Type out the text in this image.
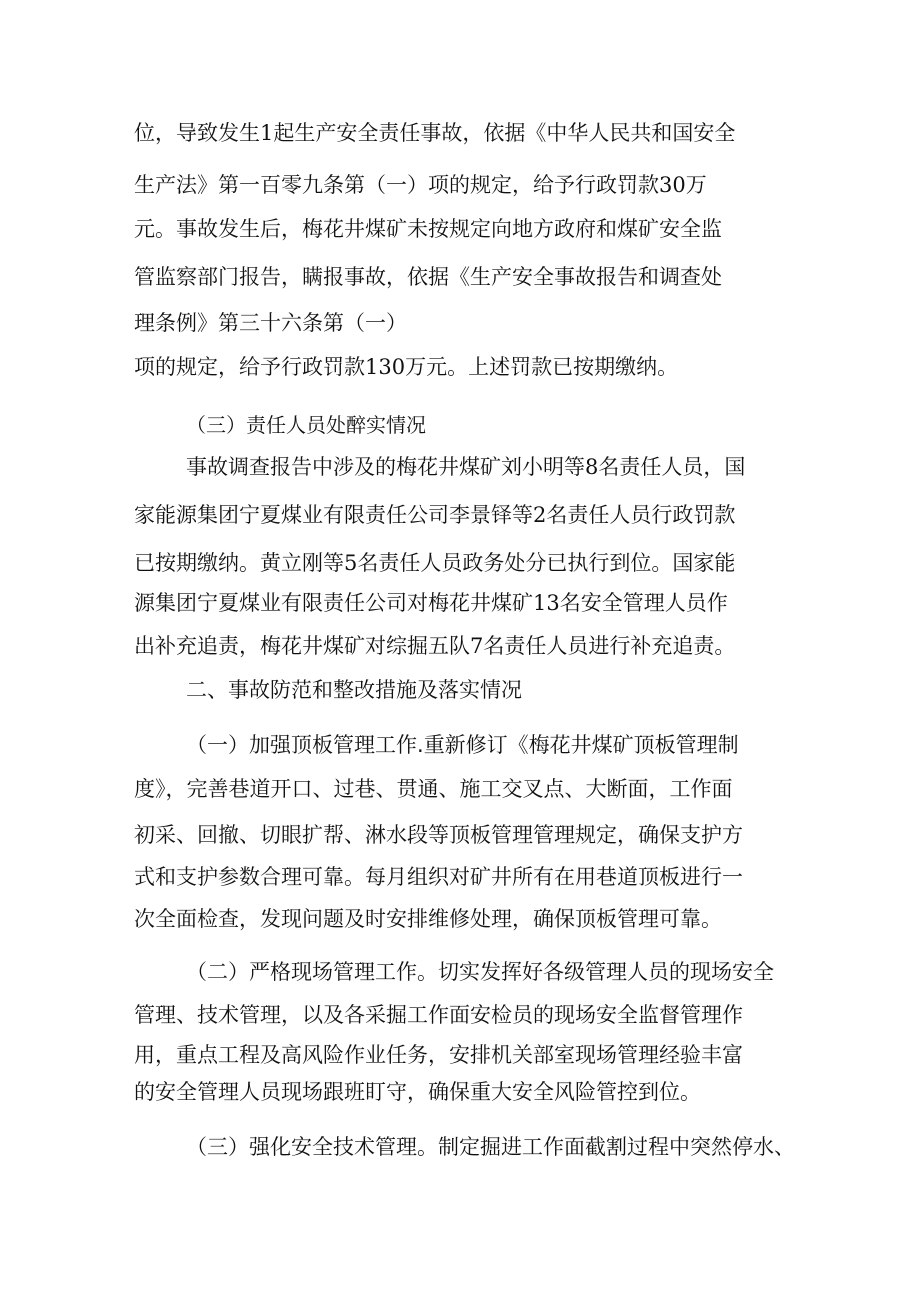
位，导致发生1起生产安全责任事故，依据《中华人民共和国安全
生产法》第一百零九条第（一）项的规定，给予行政罚款30万
元。事故发生后，梅花井煤矿未按规定向地方政府和煤矿安全监
管监察部门报告，瞒报事故，依据《生产安全事故报告和调查处
理条例》第三十六条第（一）
项的规定，给予行政罚款130万元。上述罚款已按期缴纳。
（三）责任人员处醉实情况
事故调查报告中涉及的梅花井煤矿刘小明等8名责任人员，国
家能源集团宁夏煤业有限责任公司李景铎等2名责任人员行政罚款
已按期缴纳。黄立刚等5名责任人员政务处分已执行到位。国家能
源集团宁夏煤业有限责任公司对梅花井煤矿13名安全管理人员作
出补充追责，梅花井煤矿对综掘五队7名责任人员进行补充追责。
二、事故防范和整改措施及落实情况
（一）加强顶板管理工作.重新修订《梅花井煤矿顶板管理制
度》，完善巷道开口、过巷、贯通、施工交叉点、大断面，工作面
初采、回撤、切眼扩帮、淋水段等顶板管理管理规定，确保支护方
式和支护参数合理可靠。每月组织对矿井所有在用巷道顶板进行一
次全面检查，发现问题及时安排维修处理，确保顶板管理可靠。
（二）严格现场管理工作。切实发挥好各级管理人员的现场安全
管理、技术管理，以及各采掘工作面安检员的现场安全监督管理作
用，重点工程及高风险作业任务，安排机关部室现场管理经验丰富
的安全管理人员现场跟班盯守，确保重大安全风险管控到位。
（三）强化安全技术管理。制定掘进工作面截割过程中突然停水、
